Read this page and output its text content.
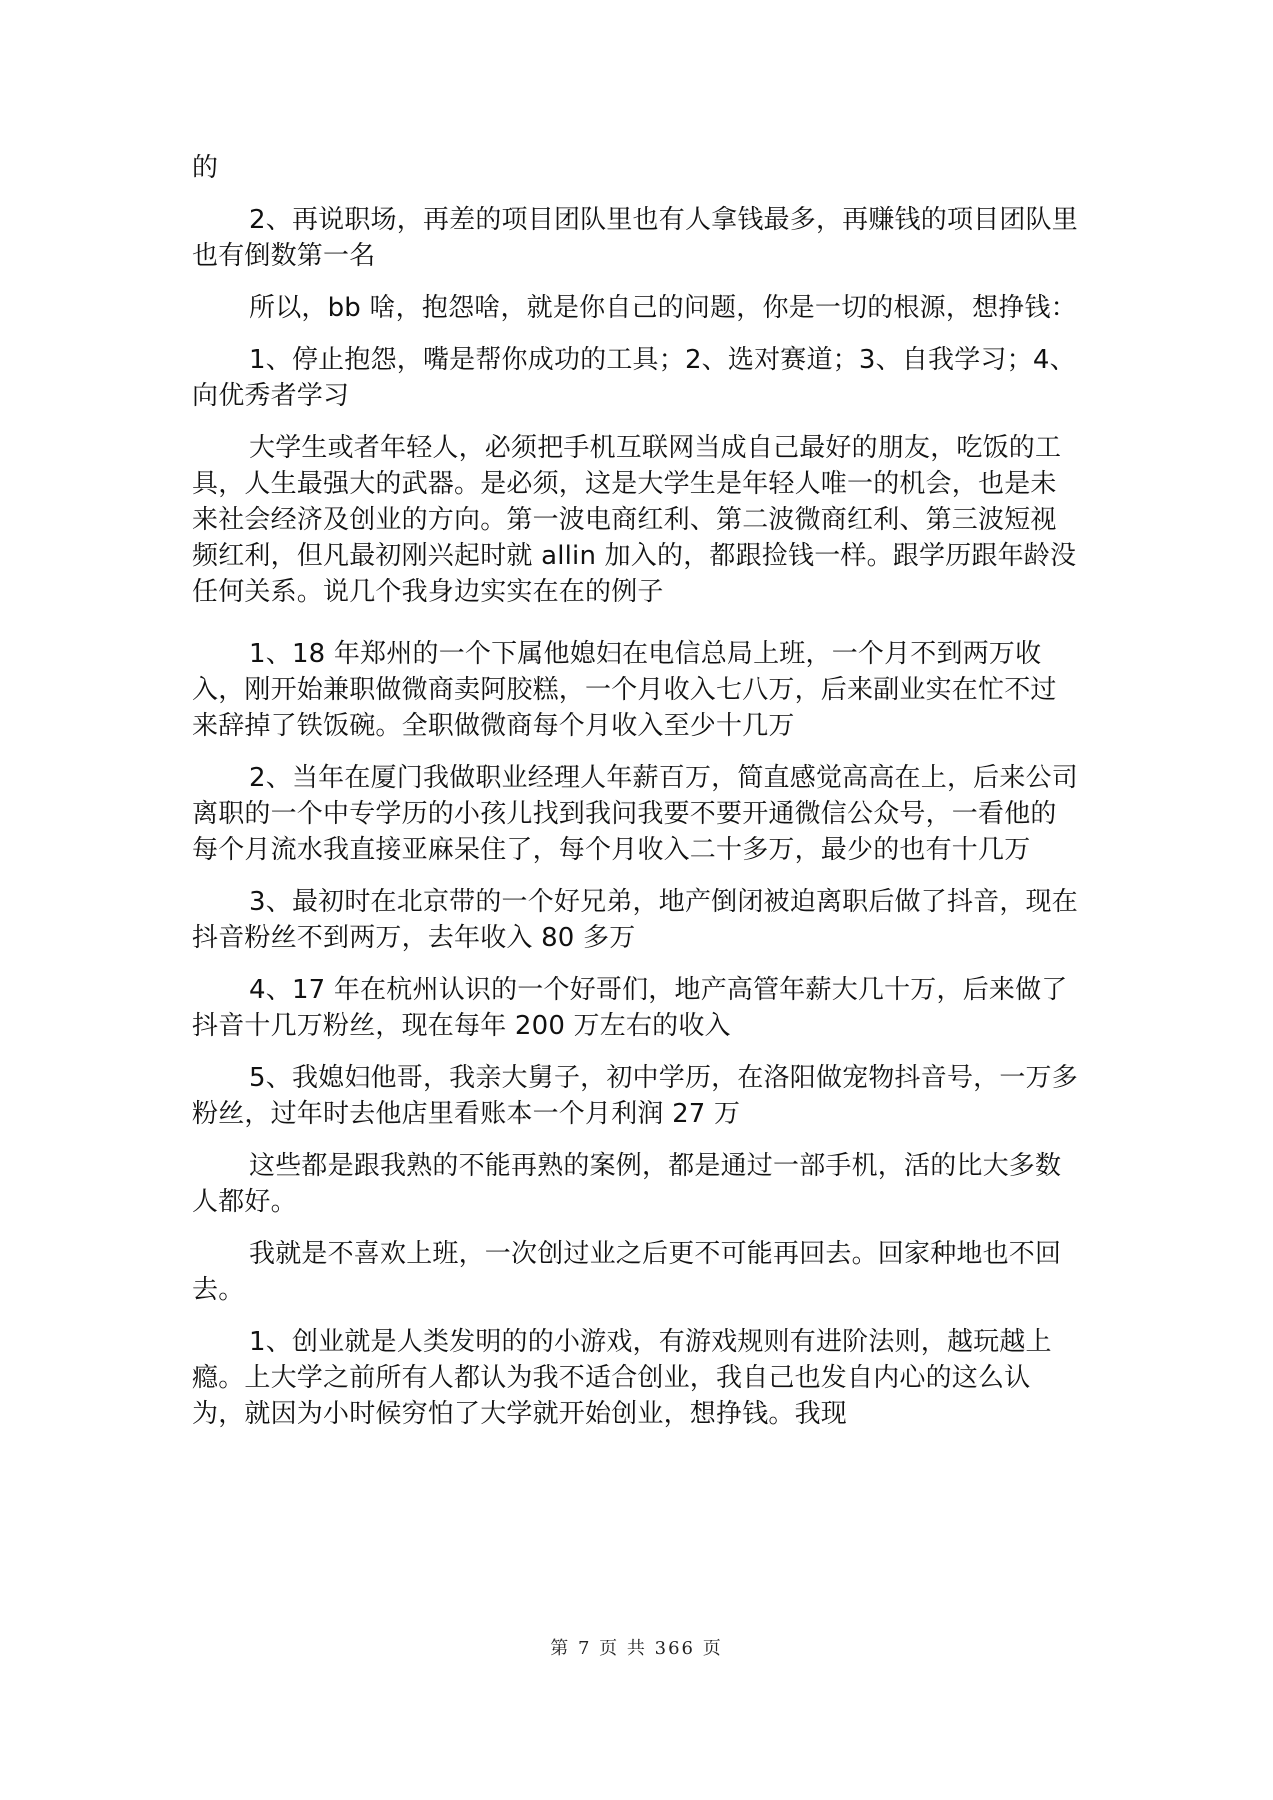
的

2、再说职场，再差的项目团队里也有人拿钱最多，再赚钱的项目团队里也有倒数第一名

所以，bb 啥，抱怨啥，就是你自己的问题，你是一切的根源，想挣钱：

1、停止抱怨，嘴是帮你成功的工具；2、选对赛道；3、自我学习；4、向优秀者学习

大学生或者年轻人，必须把手机互联网当成自己最好的朋友，吃饭的工具，人生最强大的武器。是必须，这是大学生是年轻人唯一的机会，也是未来社会经济及创业的方向。第一波电商红利、第二波微商红利、第三波短视频红利，但凡最初刚兴起时就 allin 加入的，都跟捡钱一样。跟学历跟年龄没任何关系。说几个我身边实实在在的例子

1、18 年郑州的一个下属他媳妇在电信总局上班，一个月不到两万收入，刚开始兼职做微商卖阿胶糕，一个月收入七八万，后来副业实在忙不过来辞掉了铁饭碗。全职做微商每个月收入至少十几万

2、当年在厦门我做职业经理人年薪百万，简直感觉高高在上，后来公司离职的一个中专学历的小孩儿找到我问我要不要开通微信公众号，一看他的每个月流水我直接亚麻呆住了，每个月收入二十多万，最少的也有十几万

3、最初时在北京带的一个好兄弟，地产倒闭被迫离职后做了抖音，现在抖音粉丝不到两万，去年收入 80 多万

4、17 年在杭州认识的一个好哥们，地产高管年薪大几十万，后来做了抖音十几万粉丝，现在每年 200 万左右的收入

5、我媳妇他哥，我亲大舅子，初中学历，在洛阳做宠物抖音号，一万多粉丝，过年时去他店里看账本一个月利润 27 万

这些都是跟我熟的不能再熟的案例，都是通过一部手机，活的比大多数人都好。

我就是不喜欢上班，一次创过业之后更不可能再回去。回家种地也不回去。

1、创业就是人类发明的的小游戏，有游戏规则有进阶法则，越玩越上瘾。上大学之前所有人都认为我不适合创业，我自己也发自内心的这么认为，就因为小时候穷怕了大学就开始创业，想挣钱。我现

第 7 页 共 366 页
